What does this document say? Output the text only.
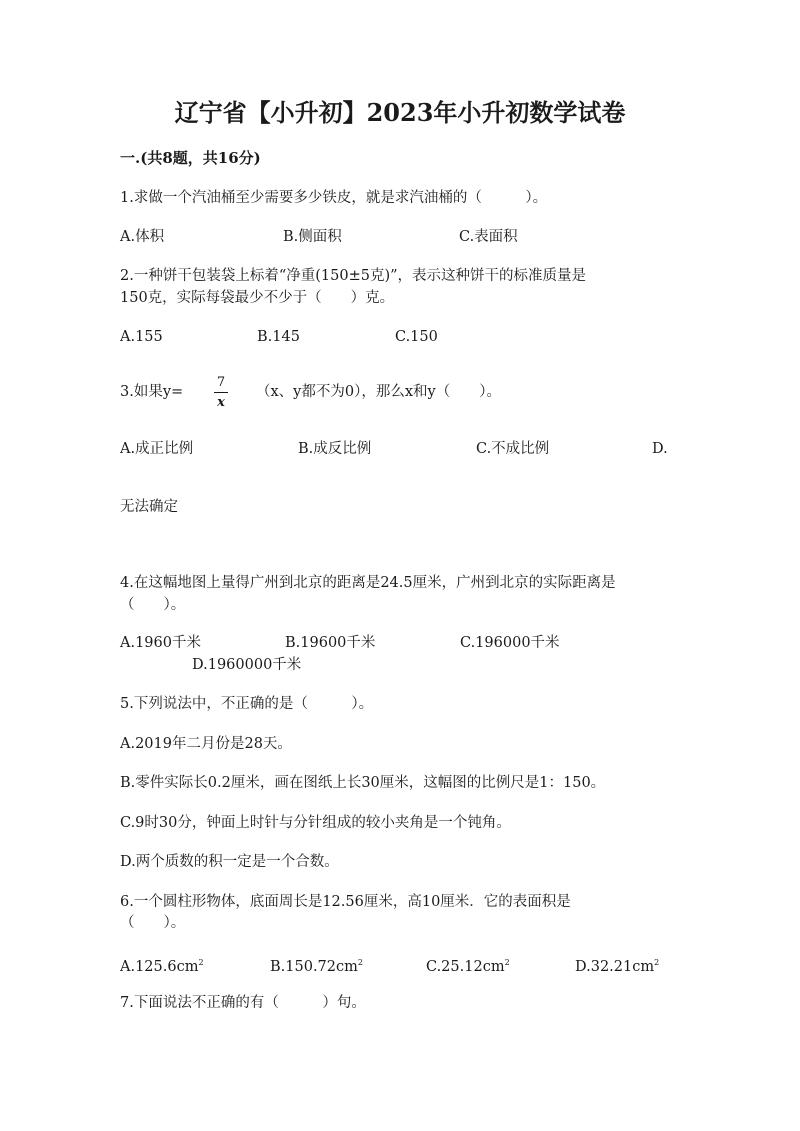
辽宁省【小升初】2023年小升初数学试卷
一.(共8题，共16分)
1.求做一个汽油桶至少需要多少铁皮，就是求汽油桶的（　　　）。
A.体积	B.侧面积	C.表面积
2.一种饼干包装袋上标着“净重(150±5克)”，表示这种饼干的标准质量是
150克，实际每袋最少不少于（　　）克。
A.155	B.145	C.150
3.如果y=
7
x
（x、y都不为0），那么x和y（　　）。
A.成正比例	B.成反比例	C.不成比例	D.
无法确定
4.在这幅地图上量得广州到北京的距离是24.5厘米，广州到北京的实际距离是
（　　）。
A.1960千米	B.19600千米	C.196000千米
D.1960000千米
5.下列说法中，不正确的是（　　　）。
A.2019年二月份是28天。
B.零件实际长0.2厘米，画在图纸上长30厘米，这幅图的比例尺是1：150。
C.9时30分，钟面上时针与分针组成的较小夹角是一个钝角。
D.两个质数的积一定是一个合数。
6.一个圆柱形物体，底面周长是12.56厘米，高10厘米．它的表面积是
（　　）。
$A.125.6cm^2$	$B.150.72cm^2$	$C.25.12cm^2$	$D.32.21cm^2$
7.下面说法不正确的有（　　　）句。
